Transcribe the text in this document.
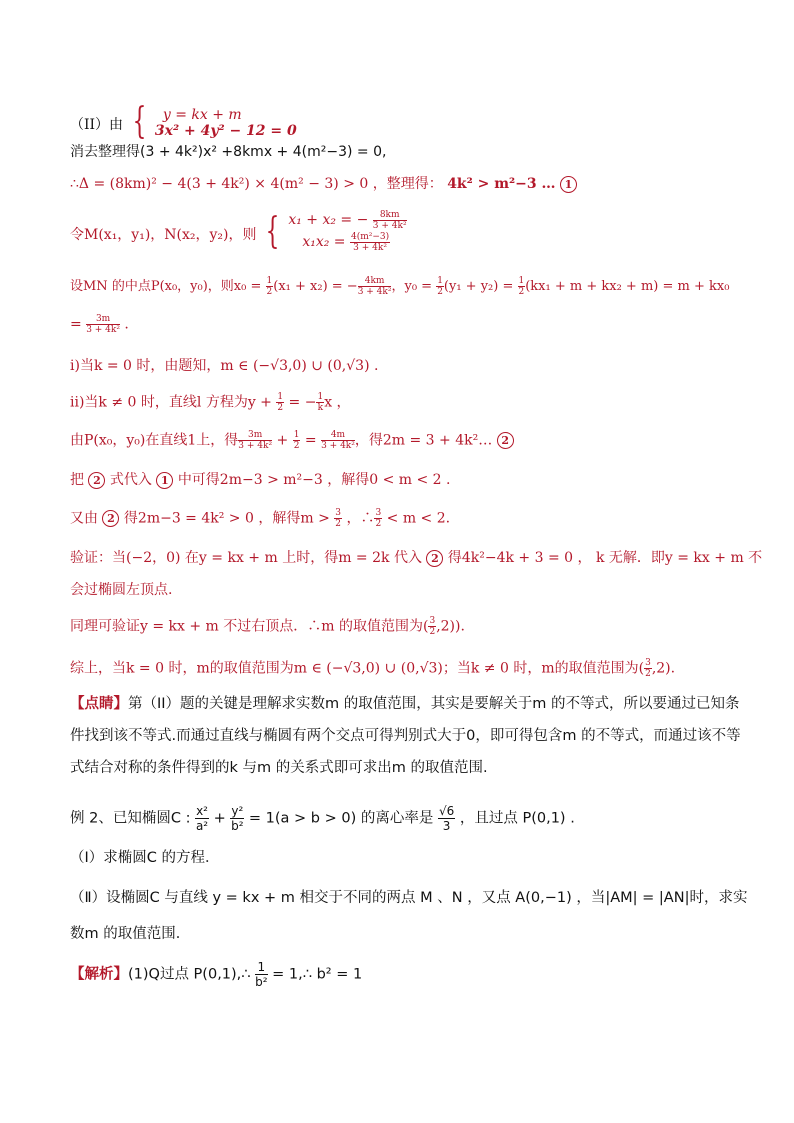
（II）由 {	y = kx + m
3x² + 4y² − 12 = 0
消去整理得(3 + 4k²)x² +8kmx + 4(m²−3) = 0,
∴Δ = (8km)² − 4(3 + 4k²) × 4(m² − 3) > 0 ，整理得： 4k² > m²−3 … 1
令M(x₁，y₁)，N(x₂，y₂)，则 { x₁ + x₂ = − $\frac{8km}{\text{3 + 4k²}}$
$x_1x_2 = \frac{\text{4(m²−3)}}{\text{3 + 4k²}}$
设MN 的中点P(x₀，y₀)，则$x_0 = \frac{1}{2} (x_1 + x_2)$ = − $\frac{4km}{\text{3 + 4k²}}$ ，$y_0 = \frac{1}{2} (y_1 + y_2) = \frac{1}{2} (kx_1 + m + kx_2 + m) = m + kx_0$
= $\frac{3m}{\text{3 + 4k²}}$ .
i)当k = 0 时，由题知，m ∈ (−√3,0) ∪ (0,√3) .
ii)当k ≠ 0 时，直线l 方程为$y + \frac{1}{2}$ = − $\frac{1}{k}$ x ，
由P(x₀，y₀)在直线1上，得 $\frac{3m}{\text{3 + 4k²}} + \frac{1}{2} = \frac{4m}{\text{3 + 4k²}}$ ，得2m = 3 + 4k²… 2
把 2 式代入 1 中可得2m−3 > m²−3 ，解得0 < m < 2 .
又由 2 得2m−3 = 4k² > 0 ，解得$m > \frac{3}{2}$ ，∴ $\frac{3}{2} < m < 2$.
验证：当(−2，0) 在y = kx + m 上时，得m = 2k 代入 2 得4k²−4k + 3 = 0 ， k 无解．即y = kx + m 不
会过椭圆左顶点.
同理可验证y = kx + m 不过右顶点．∴m 的取值范围为( $\frac{3}{2} ,2$)).
综上，当k = 0 时，m的取值范围为m ∈ (−√3,0) ∪ (0,√3)；当k ≠ 0 时，m的取值范围为( $\frac{3}{2} ,2$).
【点睛】第（II）题的关键是理解求实数m 的取值范围，其实是要解关于m 的不等式，所以要通过已知条
件找到该不等式.而通过直线与椭圆有两个交点可得判别式大于0，即可得包含m 的不等式，而通过该不等
式结合对称的条件得到的k 与m 的关系式即可求出m 的取值范围.
例 2、已知椭圆C : $\frac{\text{x²}}{\text{a²}} + \frac{\text{y²}}{\text{b²}} = 1(a > b > 0)$ 的离心率是 $\frac{√6}{3}$ ，且过点 P(0,1) .
（Ⅰ）求椭圆C 的方程．
（Ⅱ）设椭圆C 与直线 y = kx + m 相交于不同的两点 M 、N ，又点 A(0,−1) ，当|AM| = |AN|时，求实
数m 的取值范围．
【解析】(1)Q过点 P(0,1),∴ $\frac{1}{\text{b²}}$ = 1,∴ b² = 1
